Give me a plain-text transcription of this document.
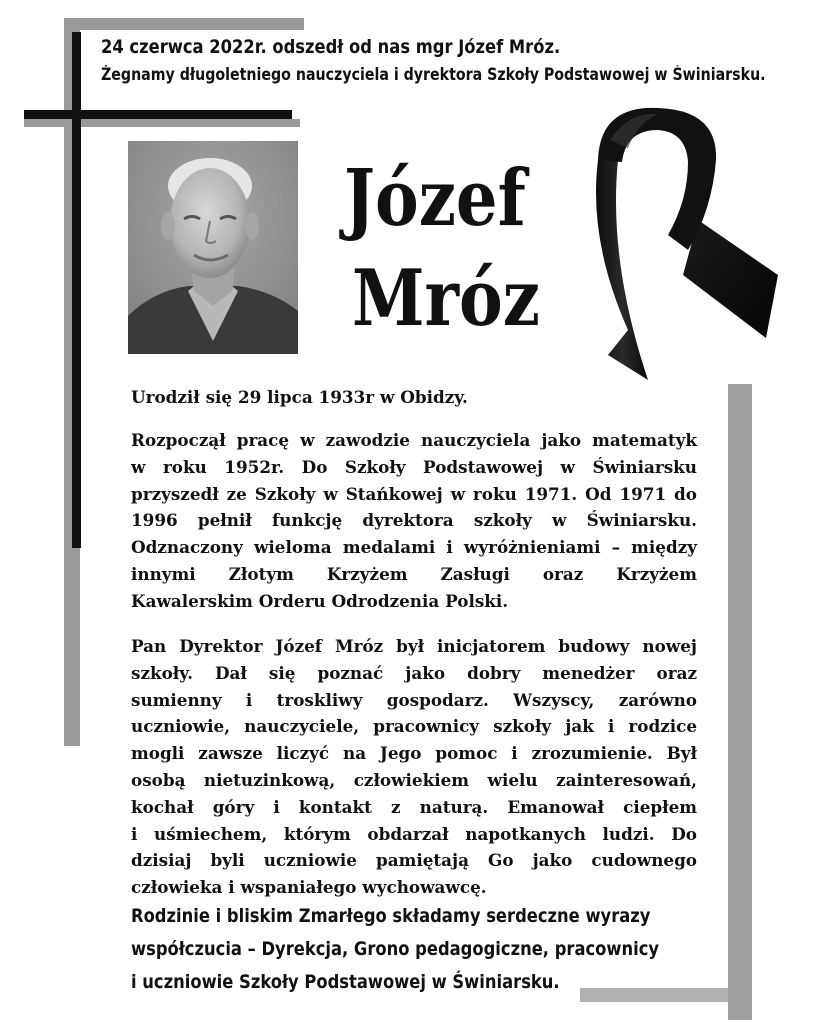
24 czerwca 2022r. odszedł od nas mgr Józef Mróz.
Żegnamy długoletniego nauczyciela i dyrektora Szkoły Podstawowej w Świniarsku.
Józef
Mróz
Urodził się 29 lipca 1933r w Obidzy.
Rozpoczął pracę w zawodzie nauczyciela jako matematyk
w roku 1952r. Do Szkoły Podstawowej w Świniarsku
przyszedł ze Szkoły w Stańkowej w roku 1971. Od 1971 do
1996 pełnił funkcję dyrektora szkoły w Świniarsku.
Odznaczony wieloma medalami i wyróżnieniami – między
innymi Złotym Krzyżem Zasługi oraz Krzyżem
Kawalerskim Orderu Odrodzenia Polski.
Pan Dyrektor Józef Mróz był inicjatorem budowy nowej
szkoły. Dał się poznać jako dobry menedżer oraz
sumienny i troskliwy gospodarz. Wszyscy, zarówno
uczniowie, nauczyciele, pracownicy szkoły jak i rodzice
mogli zawsze liczyć na Jego pomoc i zrozumienie. Był
osobą nietuzinkową, człowiekiem wielu zainteresowań,
kochał góry i kontakt z naturą. Emanował ciepłem
i uśmiechem, którym obdarzał napotkanych ludzi. Do
dzisiaj byli uczniowie pamiętają Go jako cudownego
człowieka i wspaniałego wychowawcę.
Rodzinie i bliskim Zmarłego składamy serdeczne wyrazy
współczucia – Dyrekcja, Grono pedagogiczne, pracownicy
i uczniowie Szkoły Podstawowej w Świniarsku.
